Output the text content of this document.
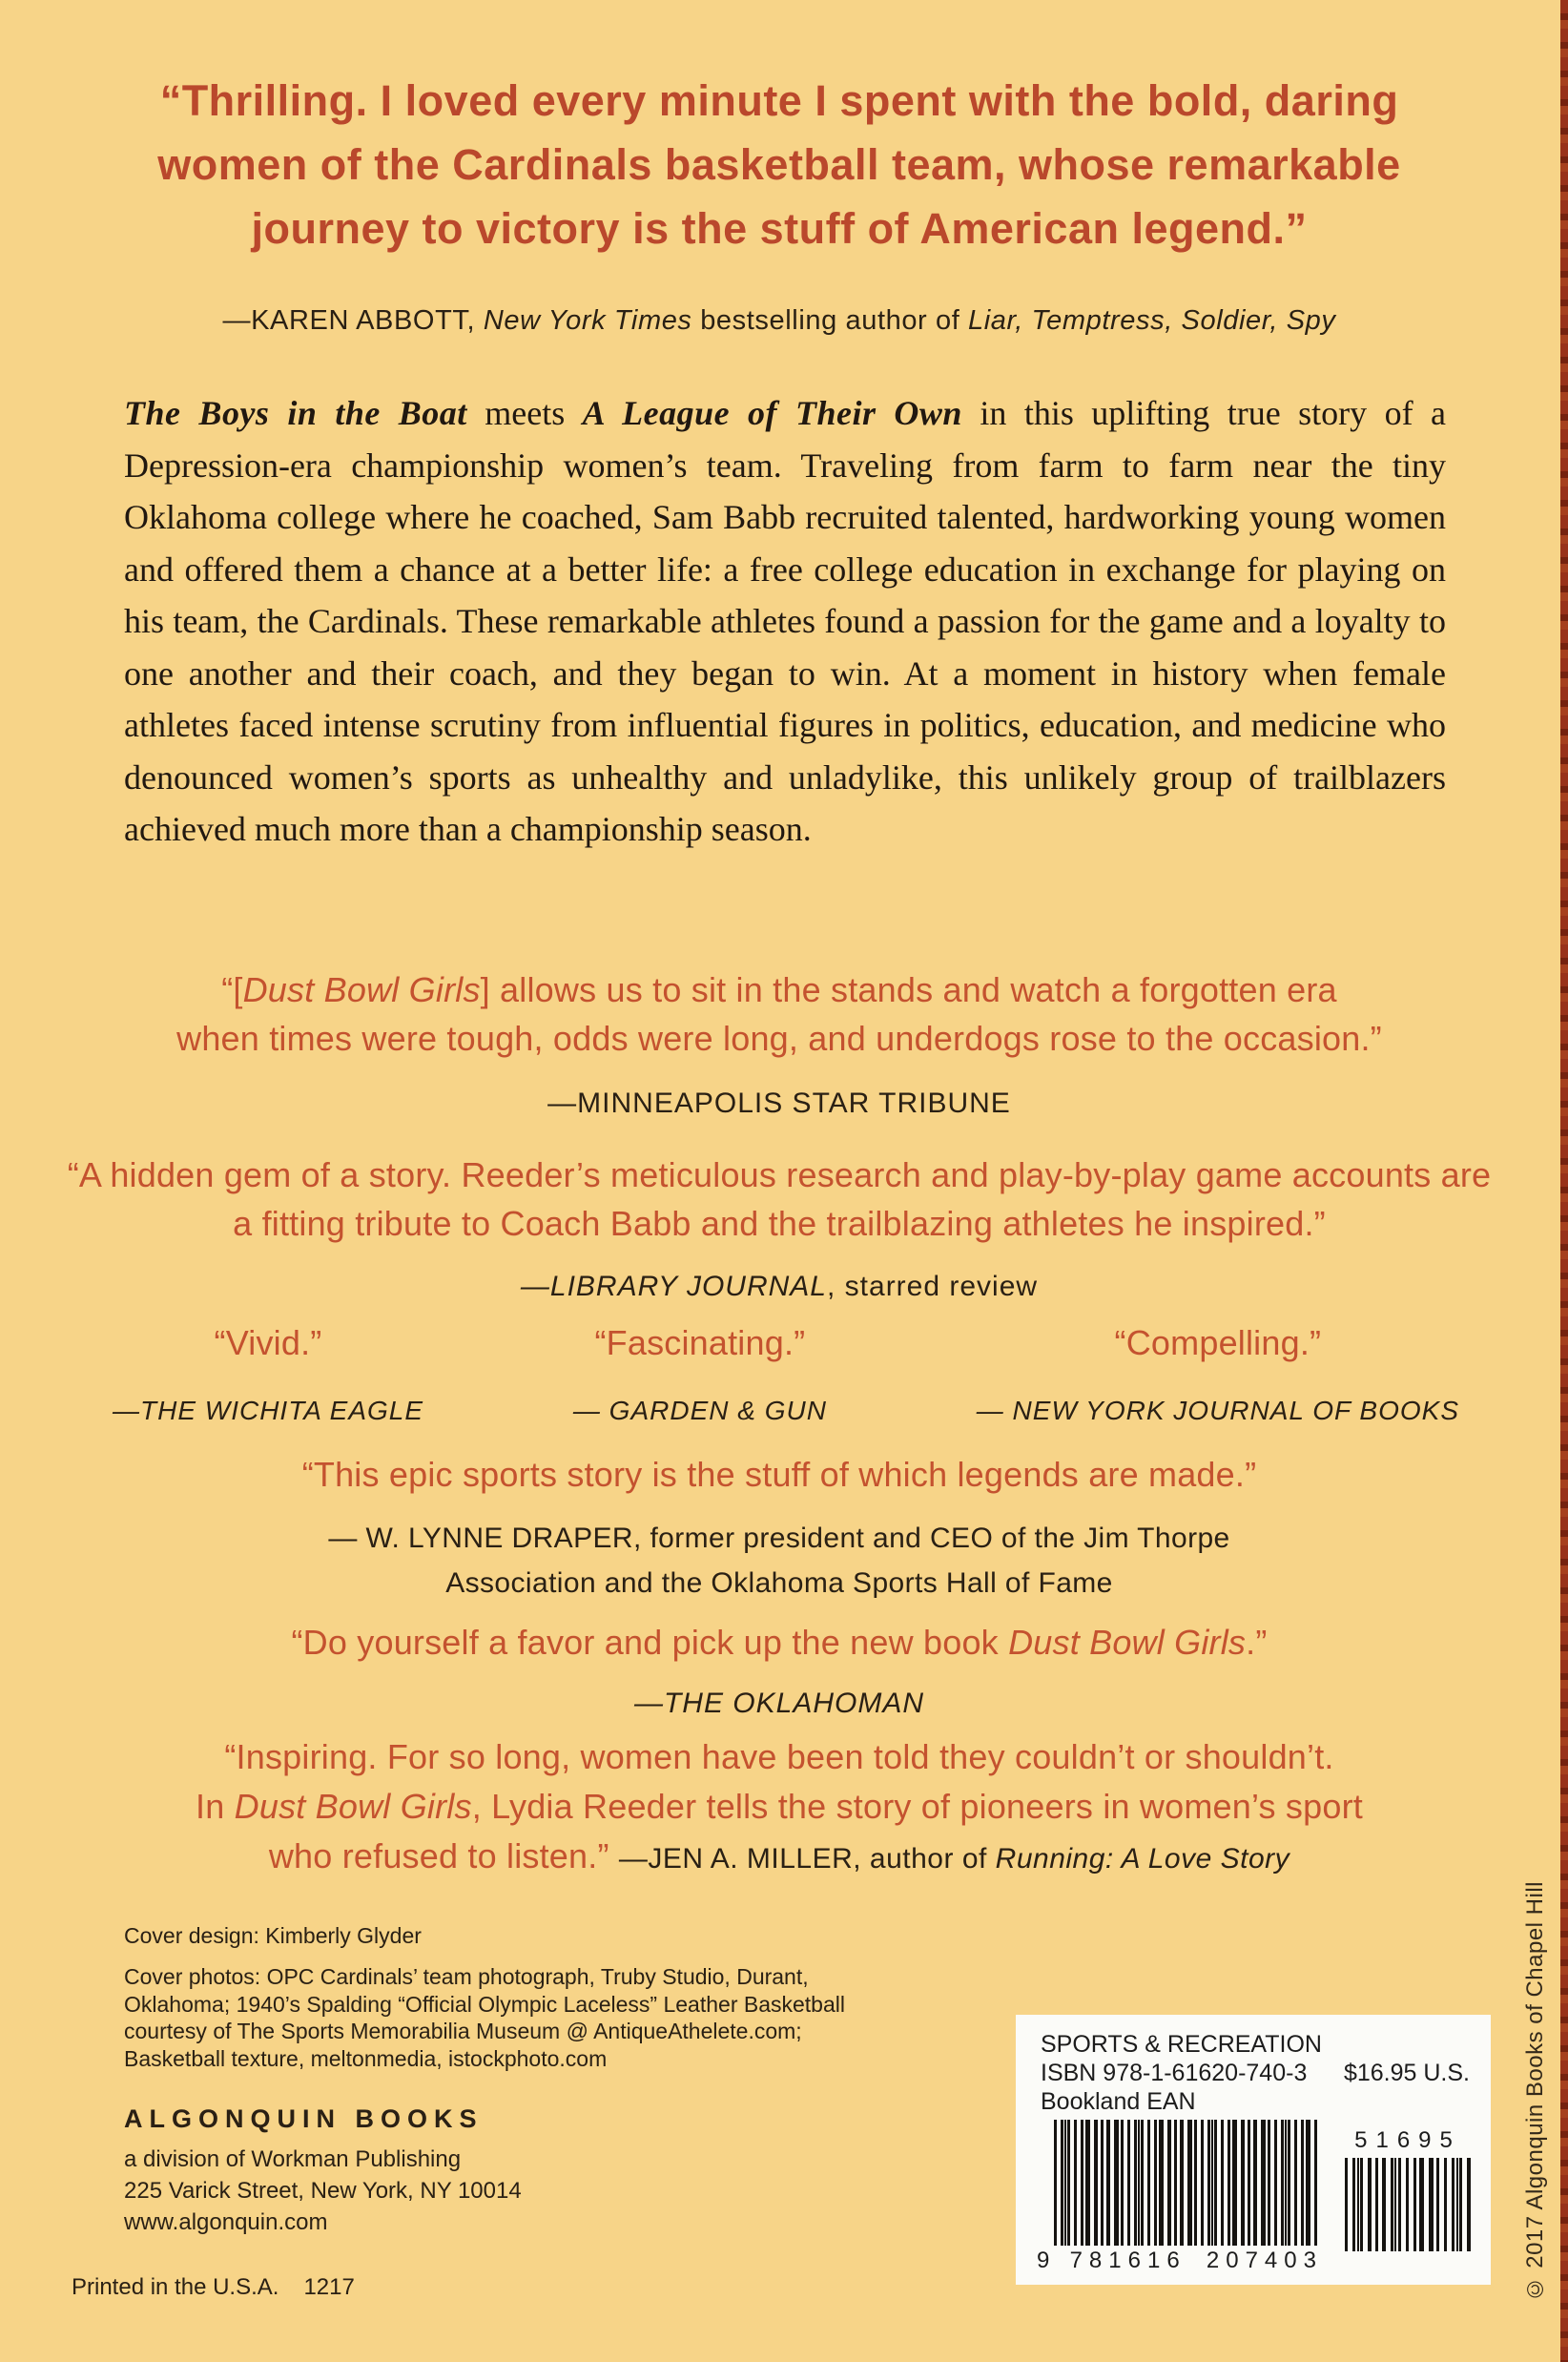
“Thrilling. I loved every minute I spent with the bold, daring
women of the Cardinals basketball team, whose remarkable
journey to victory is the stuff of American legend.”
—KAREN ABBOTT, New York Times bestselling author of Liar, Temptress, Soldier, Spy
The Boys in the Boat meets A League of Their Own in this uplifting true story of a Depression-era championship women’s team. Traveling from farm to farm near the tiny Oklahoma college where he coached, Sam Babb recruited talented, hardworking young women and offered them a chance at a better life: a free college education in exchange for playing on his team, the Cardinals. These remarkable athletes found a passion for the game and a loyalty to one another and their coach, and they began to win. At a moment in history when female athletes faced intense scrutiny from influential figures in politics, education, and medicine who denounced women’s sports as unhealthy and unladylike, this unlikely group of trailblazers achieved much more than a championship season.
“[Dust Bowl Girls] allows us to sit in the stands and watch a forgotten era
when times were tough, odds were long, and underdogs rose to the occasion.”
—MINNEAPOLIS STAR TRIBUNE
“A hidden gem of a story. Reeder’s meticulous research and play-by-play game accounts are a fitting tribute to Coach Babb and the trailblazing athletes he inspired.”
—LIBRARY JOURNAL, starred review
“Vivid.”
—THE WICHITA EAGLE
“Fascinating.”
— GARDEN & GUN
“Compelling.”
— NEW YORK JOURNAL OF BOOKS
“This epic sports story is the stuff of which legends are made.”
— W. LYNNE DRAPER, former president and CEO of the Jim Thorpe
Association and the Oklahoma Sports Hall of Fame
“Do yourself a favor and pick up the new book Dust Bowl Girls.”
—THE OKLAHOMAN
“Inspiring. For so long, women have been told they couldn’t or shouldn’t.
In Dust Bowl Girls, Lydia Reeder tells the story of pioneers in women’s sport
who refused to listen.” —JEN A. MILLER, author of Running: A Love Story
Cover design: Kimberly Glyder
Cover photos: OPC Cardinals’ team photograph, Truby Studio, Durant,
Oklahoma; 1940’s Spalding “Official Olympic Laceless” Leather Basketball
courtesy of The Sports Memorabilia Museum @ AntiqueAthelete.com;
Basketball texture, meltonmedia, istockphoto.com
ALGONQUIN BOOKS
a division of Workman Publishing
225 Varick Street, New York, NY 10014
www.algonquin.com
Printed in the U.S.A. 1217
SPORTS & RECREATION
ISBN 978-1-61620-740-3 $16.95 U.S.
Bookland EAN
9 781616 207403
51695	© 2017 Algonquin Books of Chapel Hill
